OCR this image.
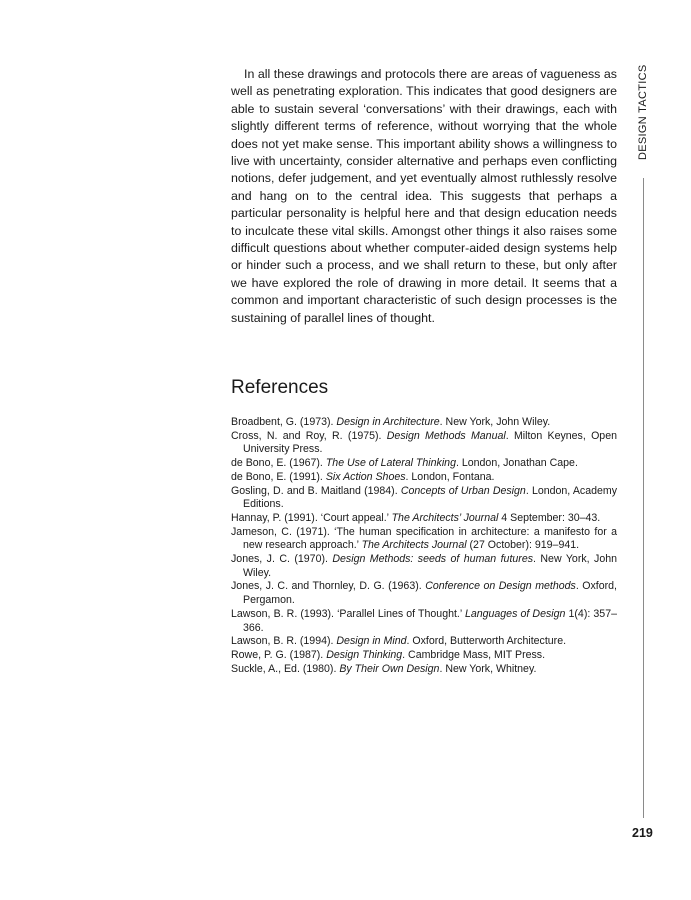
In all these drawings and protocols there are areas of vagueness as well as penetrating exploration. This indicates that good designers are able to sustain several ‘conversations’ with their drawings, each with slightly different terms of reference, without worrying that the whole does not yet make sense. This important ability shows a willingness to live with uncertainty, consider alternative and perhaps even conflicting notions, defer judgement, and yet eventually almost ruthlessly resolve and hang on to the central idea. This suggests that perhaps a particular personality is helpful here and that design education needs to inculcate these vital skills. Amongst other things it also raises some difficult questions about whether computer-aided design systems help or hinder such a process, and we shall return to these, but only after we have explored the role of drawing in more detail. It seems that a common and important characteristic of such design processes is the sustaining of parallel lines of thought.

References
Broadbent, G. (1973). Design in Architecture. New York, John Wiley.
Cross, N. and Roy, R. (1975). Design Methods Manual. Milton Keynes, Open University Press.
de Bono, E. (1967). The Use of Lateral Thinking. London, Jonathan Cape.
de Bono, E. (1991). Six Action Shoes. London, Fontana.
Gosling, D. and B. Maitland (1984). Concepts of Urban Design. London, Academy Editions.
Hannay, P. (1991). ‘Court appeal.’ The Architects’ Journal 4 September: 30–43.
Jameson, C. (1971). ‘The human specification in architecture: a manifesto for a new research approach.’ The Architects Journal (27 October): 919–941.
Jones, J. C. (1970). Design Methods: seeds of human futures. New York, John Wiley.
Jones, J. C. and Thornley, D. G. (1963). Conference on Design methods. Oxford, Pergamon.
Lawson, B. R. (1993). ‘Parallel Lines of Thought.’ Languages of Design 1(4): 357–366.
Lawson, B. R. (1994). Design in Mind. Oxford, Butterworth Architecture.
Rowe, P. G. (1987). Design Thinking. Cambridge Mass, MIT Press.
Suckle, A., Ed. (1980). By Their Own Design. New York, Whitney.
DESIGN TACTICS
219
